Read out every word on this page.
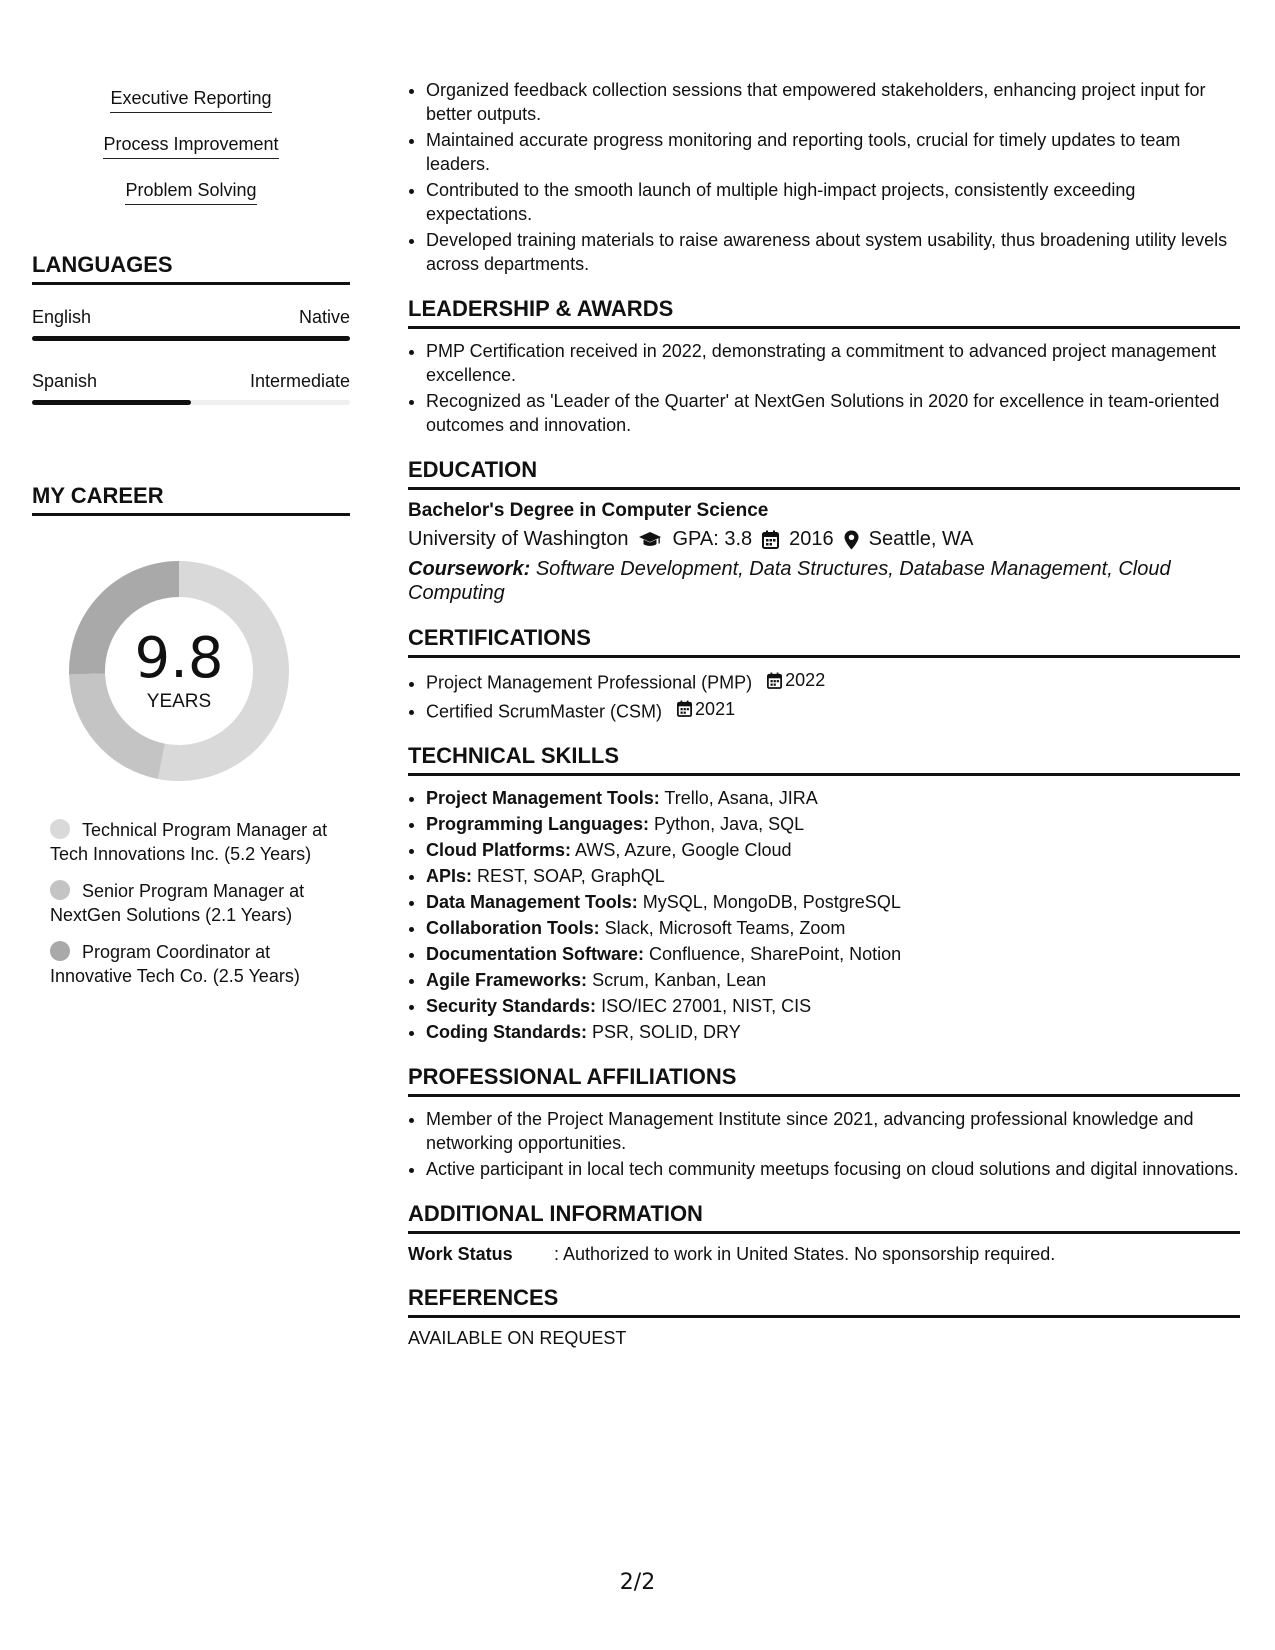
Executive Reporting
Process Improvement
Problem Solving
LANGUAGES
English	Native
Spanish	Intermediate
MY CAREER
9.8
YEARS
Technical Program Manager at Tech Innovations Inc. (5.2 Years)
Senior Program Manager at NextGen Solutions (2.1 Years)
Program Coordinator at Innovative Tech Co. (2.5 Years)
• Organized feedback collection sessions that empowered stakeholders, enhancing project input for better outputs.
• Maintained accurate progress monitoring and reporting tools, crucial for timely updates to team leaders.
• Contributed to the smooth launch of multiple high-impact projects, consistently exceeding expectations.
• Developed training materials to raise awareness about system usability, thus broadening utility levels across departments.
LEADERSHIP & AWARDS
• PMP Certification received in 2022, demonstrating a commitment to advanced project management excellence.
• Recognized as 'Leader of the Quarter' at NextGen Solutions in 2020 for excellence in team-oriented outcomes and innovation.
EDUCATION
Bachelor's Degree in Computer Science
University of Washington GPA: 3.8 2016 Seattle, WA
Coursework: Software Development, Data Structures, Database Management, Cloud Computing
CERTIFICATIONS
• Project Management Professional (PMP) 2022
• Certified ScrumMaster (CSM) 2021
TECHNICAL SKILLS
• Project Management Tools: Trello, Asana, JIRA
• Programming Languages: Python, Java, SQL
• Cloud Platforms: AWS, Azure, Google Cloud
• APIs: REST, SOAP, GraphQL
• Data Management Tools: MySQL, MongoDB, PostgreSQL
• Collaboration Tools: Slack, Microsoft Teams, Zoom
• Documentation Software: Confluence, SharePoint, Notion
• Agile Frameworks: Scrum, Kanban, Lean
• Security Standards: ISO/IEC 27001, NIST, CIS
• Coding Standards: PSR, SOLID, DRY
PROFESSIONAL AFFILIATIONS
• Member of the Project Management Institute since 2021, advancing professional knowledge and networking opportunities.
• Active participant in local tech community meetups focusing on cloud solutions and digital innovations.
ADDITIONAL INFORMATION
Work Status	: Authorized to work in United States. No sponsorship required.
REFERENCES
AVAILABLE ON REQUEST
2/2
